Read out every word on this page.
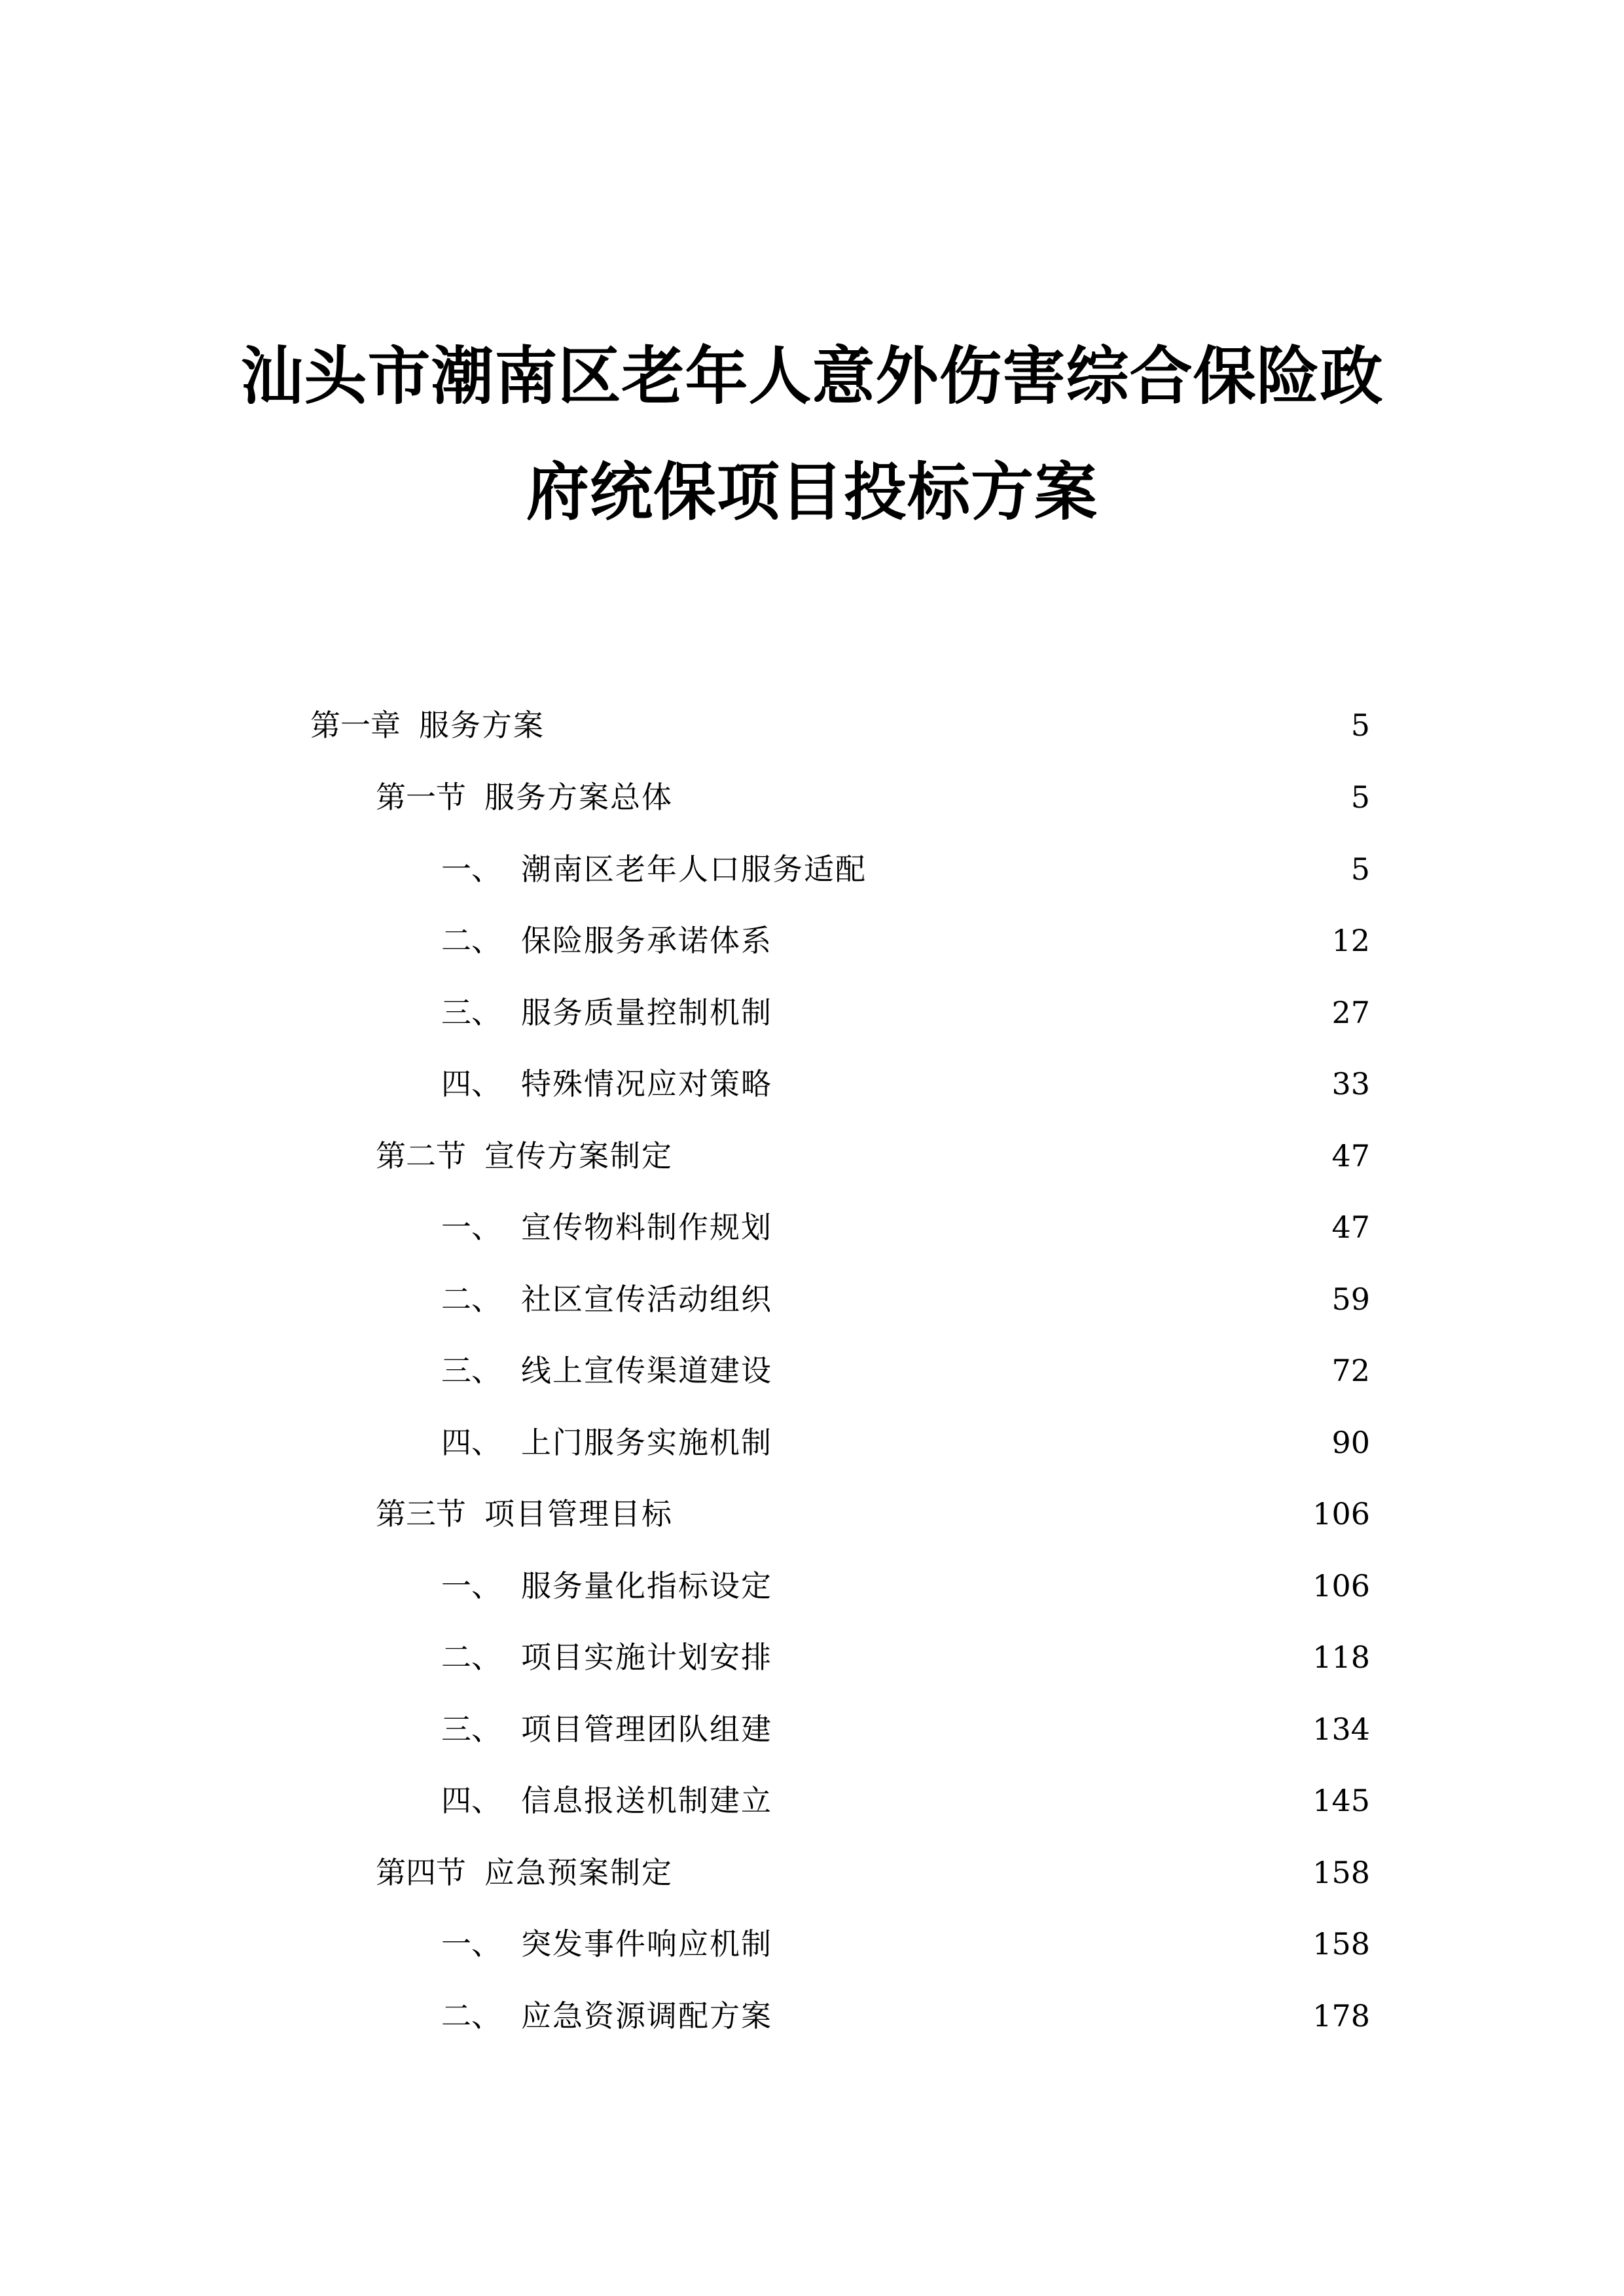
汕头市潮南区老年人意外伤害综合保险政
府统保项目投标方案
第一章 服务方案	5
第一节 服务方案总体	5
一、 潮南区老年人口服务适配	5
二、 保险服务承诺体系	12
三、 服务质量控制机制	27
四、 特殊情况应对策略	33
第二节 宣传方案制定	47
一、 宣传物料制作规划	47
二、 社区宣传活动组织	59
三、 线上宣传渠道建设	72
四、 上门服务实施机制	90
第三节 项目管理目标	106
一、 服务量化指标设定	106
二、 项目实施计划安排	118
三、 项目管理团队组建	134
四、 信息报送机制建立	145
第四节 应急预案制定	158
一、 突发事件响应机制	158
二、 应急资源调配方案	178
